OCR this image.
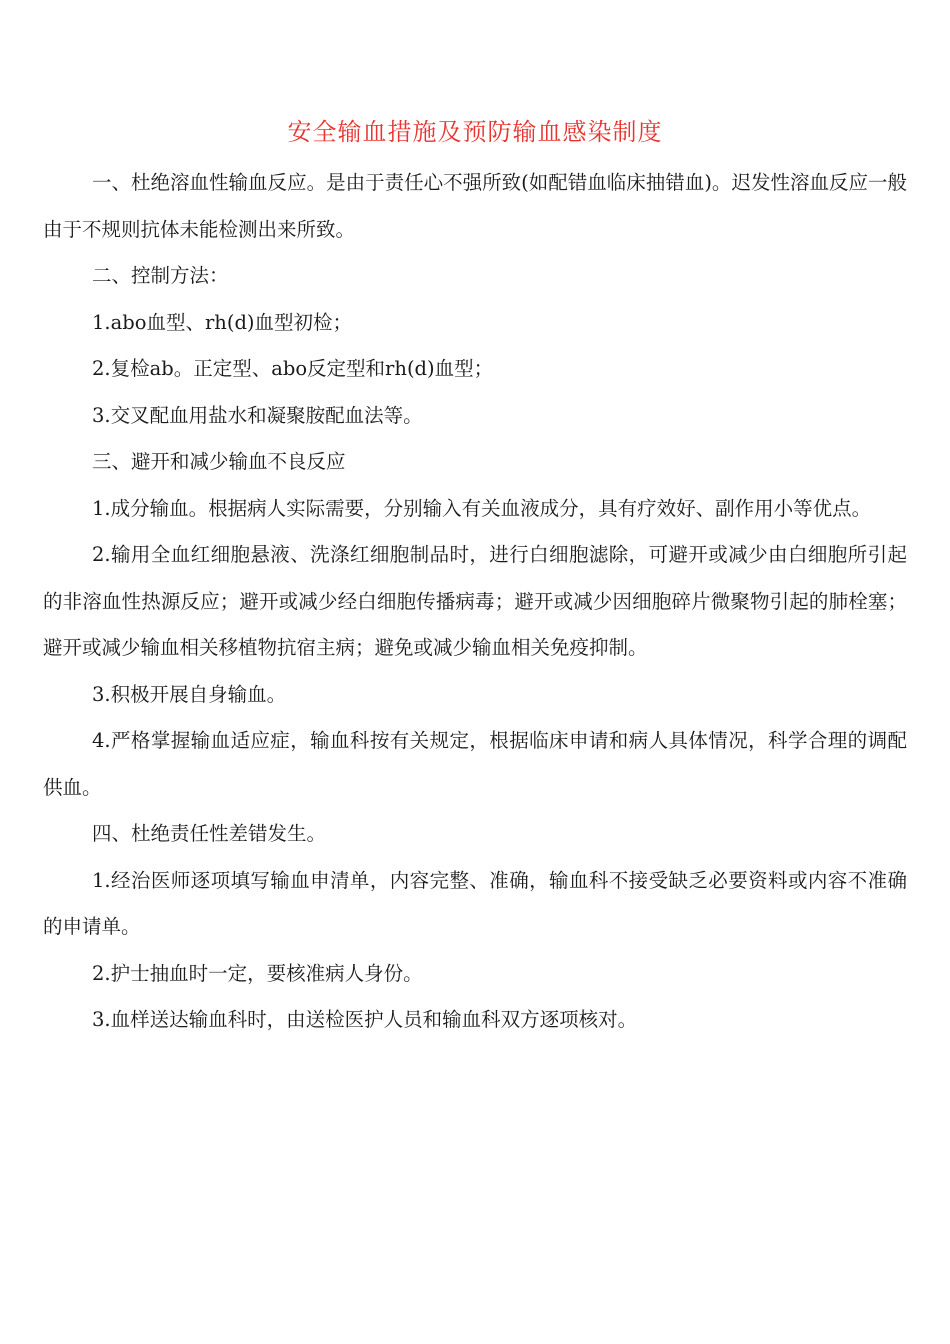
安全输血措施及预防输血感染制度

一、杜绝溶血性输血反应。是由于责任心不强所致(如配错血临床抽错血)。迟发性溶血反应一般由于不规则抗体未能检测出来所致。

二、控制方法：

1.abo血型、rh(d)血型初检；

2.复检ab。正定型、abo反定型和rh(d)血型；

3.交叉配血用盐水和凝聚胺配血法等。

三、避开和减少输血不良反应

1.成分输血。根据病人实际需要，分别输入有关血液成分，具有疗效好、副作用小等优点。

2.输用全血红细胞悬液、洗涤红细胞制品时，进行白细胞滤除，可避开或减少由白细胞所引起的非溶血性热源反应；避开或减少经白细胞传播病毒；避开或减少因细胞碎片微聚物引起的肺栓塞；避开或减少输血相关移植物抗宿主病；避免或减少输血相关免疫抑制。

3.积极开展自身输血。

4.严格掌握输血适应症，输血科按有关规定，根据临床申请和病人具体情况，科学合理的调配供血。

四、杜绝责任性差错发生。

1.经治医师逐项填写输血申清单，内容完整、准确，输血科不接受缺乏必要资料或内容不准确的申请单。

2.护士抽血时一定，要核准病人身份。

3.血样送达输血科时，由送检医护人员和输血科双方逐项核对。
